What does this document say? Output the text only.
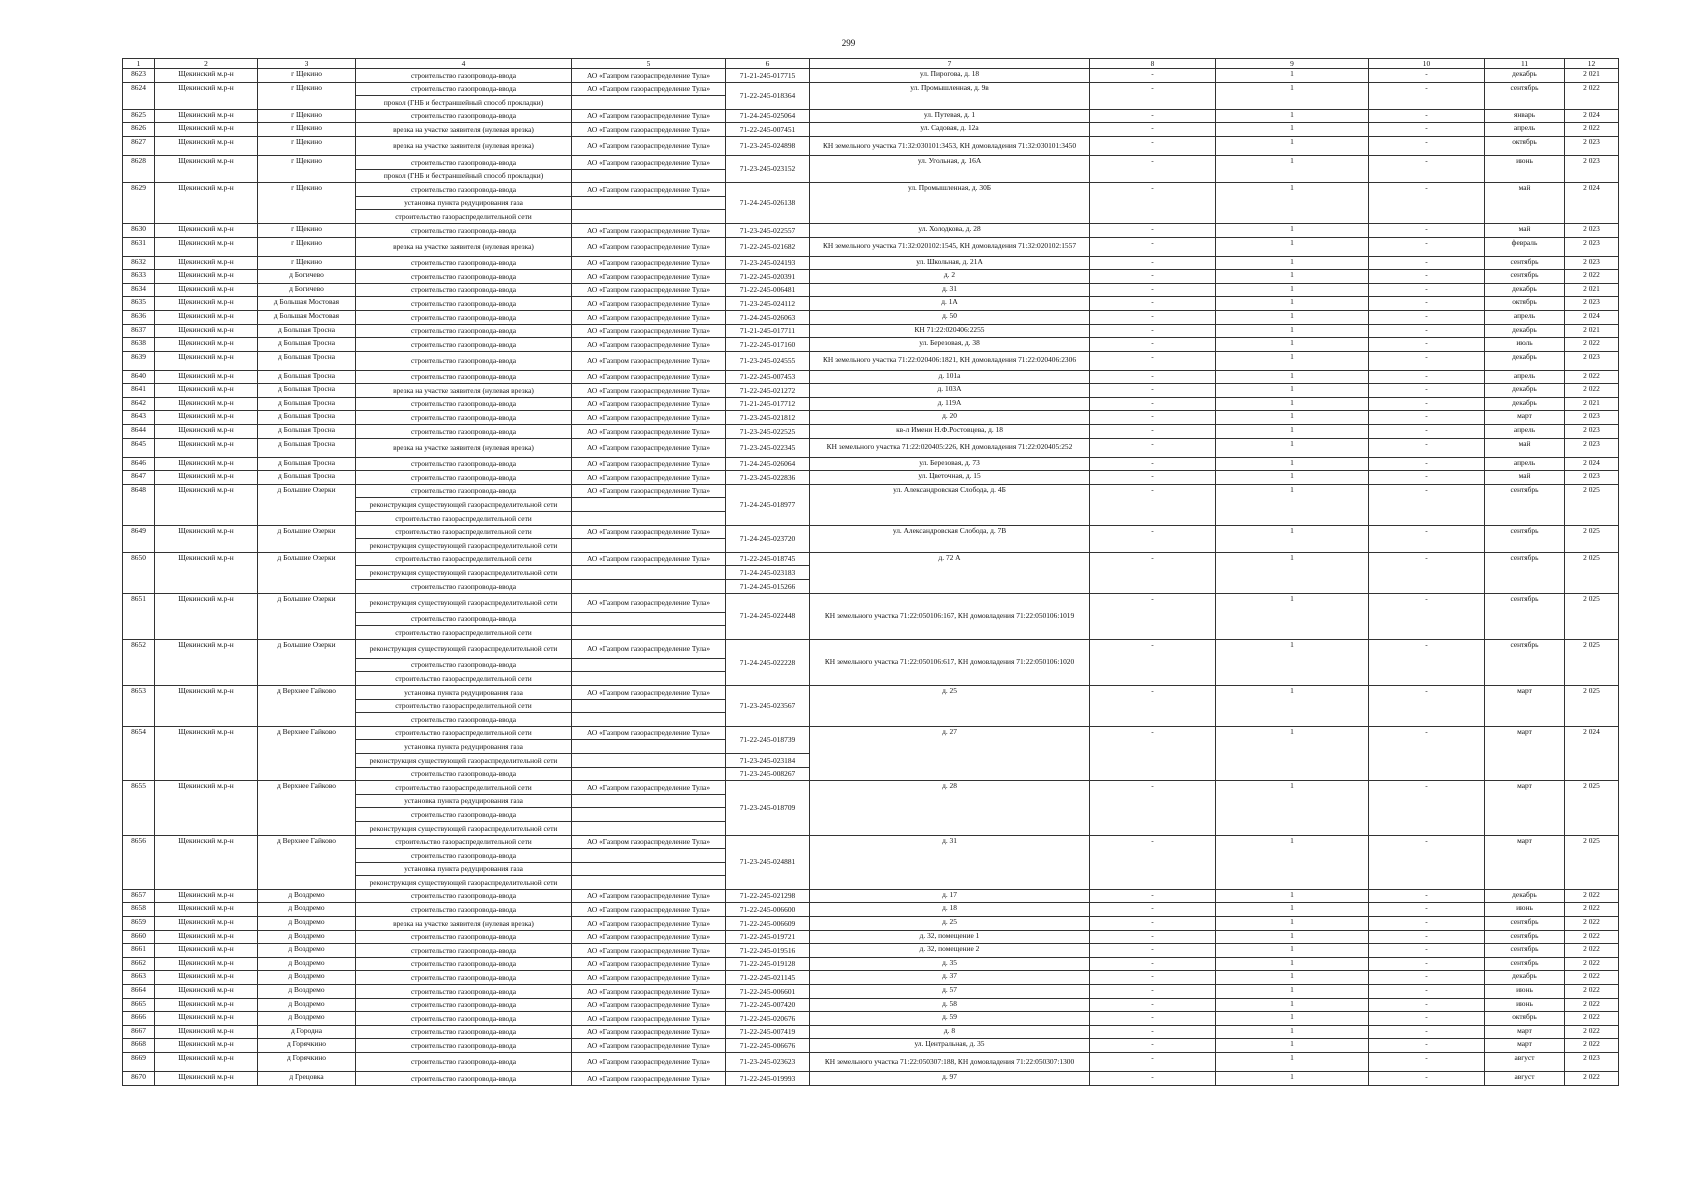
299
1	2	3	4	5	6	7	8	9	10	11	12
8623	Щекинский м.р-н	г Щекино	строительство газопровода-ввода	АО «Газпром газораспределение Тула»	71-21-245-017715	ул. Пирогова, д. 18	-	1	-	декабрь	2 021
8624	Щекинский м.р-н	г Щекино	строительство газопровода-ввода	АО «Газпром газораспределение Тула»	71-22-245-018364	ул. Промышленная, д. 9в	-	1	-	сентябрь	2 022
			прокол (ГНБ и бестраншейный способ прокладки)								
8625	Щекинский м.р-н	г Щекино	строительство газопровода-ввода	АО «Газпром газораспределение Тула»	71-24-245-025064	ул. Путевая, д. 1	-	1	-	январь	2 024
8626	Щекинский м.р-н	г Щекино	врезка на участке заявителя (нулевая врезка)	АО «Газпром газораспределение Тула»	71-22-245-007451	ул. Садовая, д. 12а	-	1	-	апрель	2 022
8627	Щекинский м.р-н	г Щекино	врезка на участке заявителя (нулевая врезка)	АО «Газпром газораспределение Тула»	71-23-245-024898	КН земельного участка 71:32:030101:3453, КН домовладения 71:32:030101:3450	-	1	-	октябрь	2 023
8628	Щекинский м.р-н	г Щекино	строительство газопровода-ввода	АО «Газпром газораспределение Тула»	71-23-245-023152	ул. Угольная, д. 16А	-	1	-	июнь	2 023
			прокол (ГНБ и бестраншейный способ прокладки)								
8629	Щекинский м.р-н	г Щекино	строительство газопровода-ввода	АО «Газпром газораспределение Тула»	71-24-245-026138	ул. Промышленная, д. 30Б	-	1	-	май	2 024
			установка пункта редуцирования газа								
			строительство газораспределительной сети								
8630	Щекинский м.р-н	г Щекино	строительство газопровода-ввода	АО «Газпром газораспределение Тула»	71-23-245-022557	ул. Холодкова, д. 28	-	1	-	май	2 023
8631	Щекинский м.р-н	г Щекино	врезка на участке заявителя (нулевая врезка)	АО «Газпром газораспределение Тула»	71-22-245-021682	КН земельного участка 71:32:020102:1545, КН домовладения 71:32:020102:1557	-	1	-	февраль	2 023
8632	Щекинский м.р-н	г Щекино	строительство газопровода-ввода	АО «Газпром газораспределение Тула»	71-23-245-024193	ул. Школьная, д. 21А	-	1	-	сентябрь	2 023
8633	Щекинский м.р-н	д Богичево	строительство газопровода-ввода	АО «Газпром газораспределение Тула»	71-22-245-020391	д. 2	-	1	-	сентябрь	2 022
8634	Щекинский м.р-н	д Богичево	строительство газопровода-ввода	АО «Газпром газораспределение Тула»	71-22-245-006481	д. 31	-	1	-	декабрь	2 021
8635	Щекинский м.р-н	д Большая Мостовая	строительство газопровода-ввода	АО «Газпром газораспределение Тула»	71-23-245-024112	д. 1А	-	1	-	октябрь	2 023
8636	Щекинский м.р-н	д Большая Мостовая	строительство газопровода-ввода	АО «Газпром газораспределение Тула»	71-24-245-026063	д. 50	-	1	-	апрель	2 024
8637	Щекинский м.р-н	д Большая Тросна	строительство газопровода-ввода	АО «Газпром газораспределение Тула»	71-21-245-017711	КН 71:22:020406:2255	-	1	-	декабрь	2 021
8638	Щекинский м.р-н	д Большая Тросна	строительство газопровода-ввода	АО «Газпром газораспределение Тула»	71-22-245-017160	ул. Березовая, д. 38	-	1	-	июль	2 022
8639	Щекинский м.р-н	д Большая Тросна	строительство газопровода-ввода	АО «Газпром газораспределение Тула»	71-23-245-024555	КН земельного участка 71:22:020406:1821, КН домовладения 71:22:020406:2306	-	1	-	декабрь	2 023
8640	Щекинский м.р-н	д Большая Тросна	строительство газопровода-ввода	АО «Газпром газораспределение Тула»	71-22-245-007453	д. 101а	-	1	-	апрель	2 022
8641	Щекинский м.р-н	д Большая Тросна	врезка на участке заявителя (нулевая врезка)	АО «Газпром газораспределение Тула»	71-22-245-021272	д. 103А	-	1	-	декабрь	2 022
8642	Щекинский м.р-н	д Большая Тросна	строительство газопровода-ввода	АО «Газпром газораспределение Тула»	71-21-245-017712	д. 119А	-	1	-	декабрь	2 021
8643	Щекинский м.р-н	д Большая Тросна	строительство газопровода-ввода	АО «Газпром газораспределение Тула»	71-23-245-021812	д. 20	-	1	-	март	2 023
8644	Щекинский м.р-н	д Большая Тросна	строительство газопровода-ввода	АО «Газпром газораспределение Тула»	71-23-245-022525	кв-л Имени Н.Ф.Ростовцева, д. 18	-	1	-	апрель	2 023
8645	Щекинский м.р-н	д Большая Тросна	врезка на участке заявителя (нулевая врезка)	АО «Газпром газораспределение Тула»	71-23-245-022345	КН земельного участка 71:22:020405:226, КН домовладения 71:22:020405:252	-	1	-	май	2 023
8646	Щекинский м.р-н	д Большая Тросна	строительство газопровода-ввода	АО «Газпром газораспределение Тула»	71-24-245-026064	ул. Березовая, д. 73	-	1	-	апрель	2 024
8647	Щекинский м.р-н	д Большая Тросна	строительство газопровода-ввода	АО «Газпром газораспределение Тула»	71-23-245-022836	ул. Цветочная, д. 15	-	1	-	май	2 023
8648	Щекинский м.р-н	д Большие Озерки	строительство газопровода-ввода	АО «Газпром газораспределение Тула»	71-24-245-018977	ул. Александровская Слобода, д. 4Б	-	1	-	сентябрь	2 025
			реконструкция существующей газораспределительной сети								
			строительство газораспределительной сети								
8649	Щекинский м.р-н	д Большие Озерки	строительство газораспределительной сети	АО «Газпром газораспределение Тула»	71-24-245-023720	ул. Александровская Слобода, д. 7В	-	1	-	сентябрь	2 025
			реконструкция существующей газораспределительной сети								
8650	Щекинский м.р-н	д Большие Озерки	строительство газораспределительной сети	АО «Газпром газораспределение Тула»	71-22-245-018745	д. 72 А	-	1	-	сентябрь	2 025
			реконструкция существующей газораспределительной сети		71-24-245-023183						
			строительство газопровода-ввода		71-24-245-015266						
8651	Щекинский м.р-н	д Большие Озерки	реконструкция существующей газораспределительной сети	АО «Газпром газораспределение Тула»	71-24-245-022448	КН земельного участка 71:22:050106:167, КН домовладения 71:22:050106:1019	-	1	-	сентябрь	2 025
			строительство газопровода-ввода								
			строительство газораспределительной сети								
8652	Щекинский м.р-н	д Большие Озерки	реконструкция существующей газораспределительной сети	АО «Газпром газораспределение Тула»	71-24-245-022228	КН земельного участка 71:22:050106:617, КН домовладения 71:22:050106:1020	-	1	-	сентябрь	2 025
			строительство газопровода-ввода								
			строительство газораспределительной сети								
8653	Щекинский м.р-н	д Верхнее Гайково	установка пункта редуцирования газа	АО «Газпром газораспределение Тула»	71-23-245-023567	д. 25	-	1	-	март	2 025
			строительство газораспределительной сети								
			строительство газопровода-ввода								
8654	Щекинский м.р-н	д Верхнее Гайково	строительство газораспределительной сети	АО «Газпром газораспределение Тула»	71-22-245-018739	д. 27	-	1	-	март	2 024
			установка пункта редуцирования газа								
			реконструкция существующей газораспределительной сети		71-23-245-023184						
			строительство газопровода-ввода		71-23-245-008267						
8655	Щекинский м.р-н	д Верхнее Гайково	строительство газораспределительной сети	АО «Газпром газораспределение Тула»	71-23-245-018709	д. 28	-	1	-	март	2 025
			установка пункта редуцирования газа								
			строительство газопровода-ввода								
			реконструкция существующей газораспределительной сети								
8656	Щекинский м.р-н	д Верхнее Гайково	строительство газораспределительной сети	АО «Газпром газораспределение Тула»	71-23-245-024881	д. 31	-	1	-	март	2 025
			строительство газопровода-ввода								
			установка пункта редуцирования газа								
			реконструкция существующей газораспределительной сети								
8657	Щекинский м.р-н	д Воздремо	строительство газопровода-ввода	АО «Газпром газораспределение Тула»	71-22-245-021298	д. 17	-	1	-	декабрь	2 022
8658	Щекинский м.р-н	д Воздремо	строительство газопровода-ввода	АО «Газпром газораспределение Тула»	71-22-245-006600	д. 18	-	1	-	июнь	2 022
8659	Щекинский м.р-н	д Воздремо	врезка на участке заявителя (нулевая врезка)	АО «Газпром газораспределение Тула»	71-22-245-006609	д. 25	-	1	-	сентябрь	2 022
8660	Щекинский м.р-н	д Воздремо	строительство газопровода-ввода	АО «Газпром газораспределение Тула»	71-22-245-019721	д. 32, помещение 1	-	1	-	сентябрь	2 022
8661	Щекинский м.р-н	д Воздремо	строительство газопровода-ввода	АО «Газпром газораспределение Тула»	71-22-245-019516	д. 32, помещение 2	-	1	-	сентябрь	2 022
8662	Щекинский м.р-н	д Воздремо	строительство газопровода-ввода	АО «Газпром газораспределение Тула»	71-22-245-019128	д. 35	-	1	-	сентябрь	2 022
8663	Щекинский м.р-н	д Воздремо	строительство газопровода-ввода	АО «Газпром газораспределение Тула»	71-22-245-021145	д. 37	-	1	-	декабрь	2 022
8664	Щекинский м.р-н	д Воздремо	строительство газопровода-ввода	АО «Газпром газораспределение Тула»	71-22-245-006601	д. 57	-	1	-	июнь	2 022
8665	Щекинский м.р-н	д Воздремо	строительство газопровода-ввода	АО «Газпром газораспределение Тула»	71-22-245-007420	д. 58	-	1	-	июнь	2 022
8666	Щекинский м.р-н	д Воздремо	строительство газопровода-ввода	АО «Газпром газораспределение Тула»	71-22-245-020676	д. 59	-	1	-	октябрь	2 022
8667	Щекинский м.р-н	д Городна	строительство газопровода-ввода	АО «Газпром газораспределение Тула»	71-22-245-007419	д. 8	-	1	-	март	2 022
8668	Щекинский м.р-н	д Горячкино	строительство газопровода-ввода	АО «Газпром газораспределение Тула»	71-22-245-006676	ул. Центральная, д. 35	-	1	-	март	2 022
8669	Щекинский м.р-н	д Горячкино	строительство газопровода-ввода	АО «Газпром газораспределение Тула»	71-23-245-023623	КН земельного участка 71:22:050307:188, КН домовладения 71:22:050307:1300	-	1	-	август	2 023
8670	Щекинский м.р-н	д Грецовка	строительство газопровода-ввода	АО «Газпром газораспределение Тула»	71-22-245-019993	д. 97	-	1	-	август	2 022
